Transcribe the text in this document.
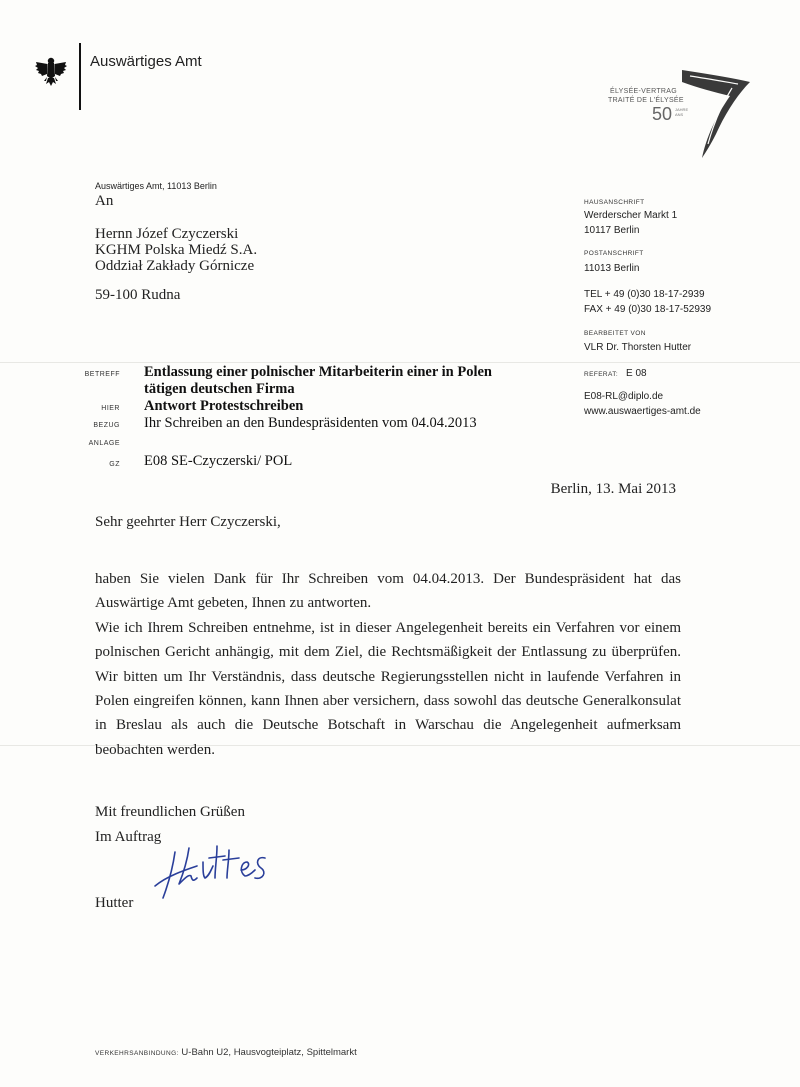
Auswärtiges Amt
ÉLYSÉE-VERTRAG
TRAITÉ DE L'ÉLYSÉE
50 JAHRE ANS
Auswärtiges Amt, 11013 Berlin
An
Hernn Józef Czyczerski
KGHM Polska Miedź S.A.
Oddział Zakłady Górnicze
59-100 Rudna
HAUSANSCHRIFT
Werderscher Markt 1
10117 Berlin
POSTANSCHRIFT
11013 Berlin
TEL + 49 (0)30 18-17-2939
FAX + 49 (0)30 18-17-52939
BEARBEITET VON
VLR Dr. Thorsten Hutter
REFERAT: E 08
E08-RL@diplo.de
www.auswaertiges-amt.de
BETREFF Entlassung einer polnischer Mitarbeiterin einer in Polen
tätigen deutschen Firma
HIER Antwort Protestschreiben
BEZUG Ihr Schreiben an den Bundespräsidenten vom 04.04.2013
ANLAGE
GZ E08 SE-Czyczerski/ POL
Berlin, 13. Mai 2013
Sehr geehrter Herr Czyczerski,

haben Sie vielen Dank für Ihr Schreiben vom 04.04.2013. Der Bundespräsident hat das Auswärtige Amt gebeten, Ihnen zu antworten.

Wie ich Ihrem Schreiben entnehme, ist in dieser Angelegenheit bereits ein Verfahren vor einem polnischen Gericht anhängig, mit dem Ziel, die Rechtsmäßigkeit der Entlassung zu überprüfen. Wir bitten um Ihr Verständnis, dass deutsche Regierungsstellen nicht in laufende Verfahren in Polen eingreifen können, kann Ihnen aber versichern, dass sowohl das deutsche Generalkonsulat in Breslau als auch die Deutsche Botschaft in Warschau die Angelegenheit aufmerksam beobachten werden.

Mit freundlichen Grüßen
Im Auftrag
Hutter
VERKEHRSANBINDUNG: U-Bahn U2, Hausvogteiplatz, Spittelmarkt
